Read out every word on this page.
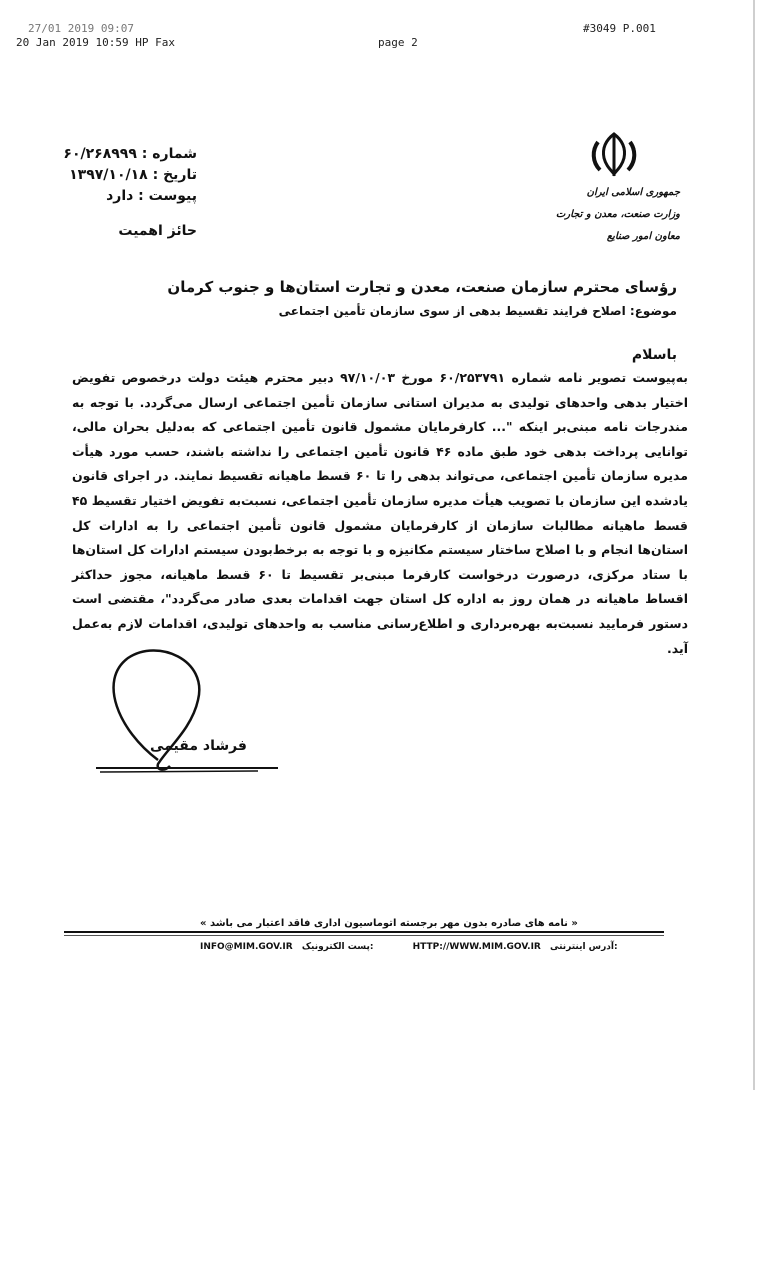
27/01 2019 09:07
20 Jan 2019 10:59 HP Fax	page 2
#3049 P.001
شماره : ۶۰/۲۶۸۹۹۹
تاریخ : ۱۳۹۷/۱۰/۱۸
پیوست : دارد
حائز اهمیت
جمهوری اسلامی ایران
وزارت صنعت، معدن و تجارت
معاون امور صنایع
رؤسای محترم سازمان صنعت، معدن و تجارت استان‌ها و جنوب کرمان
موضوع: اصلاح فرایند تقسیط بدهی از سوی سازمان تأمین اجتماعی
باسلام
به‌پیوست تصویر نامه شماره ۶۰/۲۵۳۷۹۱ مورخ ۹۷/۱۰/۰۳ دبیر محترم هیئت دولت درخصوص تفویض اختیار بدهی واحدهای تولیدی به مدیران استانی سازمان تأمین اجتماعی ارسال می‌گردد. با توجه به مندرجات نامه مبنی‌بر اینکه "... کارفرمایان مشمول قانون تأمین اجتماعی که به‌دلیل بحران مالی، توانایی پرداخت بدهی خود طبق ماده ۴۶ قانون تأمین اجتماعی را نداشته باشند، حسب مورد هیأت مدیره سازمان تأمین اجتماعی، می‌تواند بدهی را تا ۶۰ قسط ماهیانه تقسیط نمایند. در اجرای قانون یادشده این سازمان با تصویب هیأت مدیره سازمان تأمین اجتماعی، نسبت‌به تفویض اختیار تقسیط ۴۵ قسط ماهیانه مطالبات سازمان از کارفرمایان مشمول قانون تأمین اجتماعی را به ادارات کل استان‌ها انجام و با اصلاح ساختار سیستم مکانیزه و با توجه به برخط‌بودن سیستم ادارات کل استان‌ها با ستاد مرکزی، درصورت درخواست کارفرما مبنی‌بر تقسیط تا ۶۰ قسط ماهیانه، مجوز حداکثر اقساط ماهیانه در همان روز به اداره کل استان جهت اقدامات بعدی صادر می‌گردد"، مقتضی است دستور فرمایید نسبت‌به بهره‌برداری و اطلاع‌رسانی مناسب به واحدهای تولیدی، اقدامات لازم به‌عمل آید.
فرشاد مقیمی
« نامه های صادره بدون مهر برجسته اتوماسیون اداری فاقد اعتبار می باشد »
INFO@MIM.GOV.IR پست الکترونیک:	HTTP://WWW.MIM.GOV.IR آدرس اینترنتی:
